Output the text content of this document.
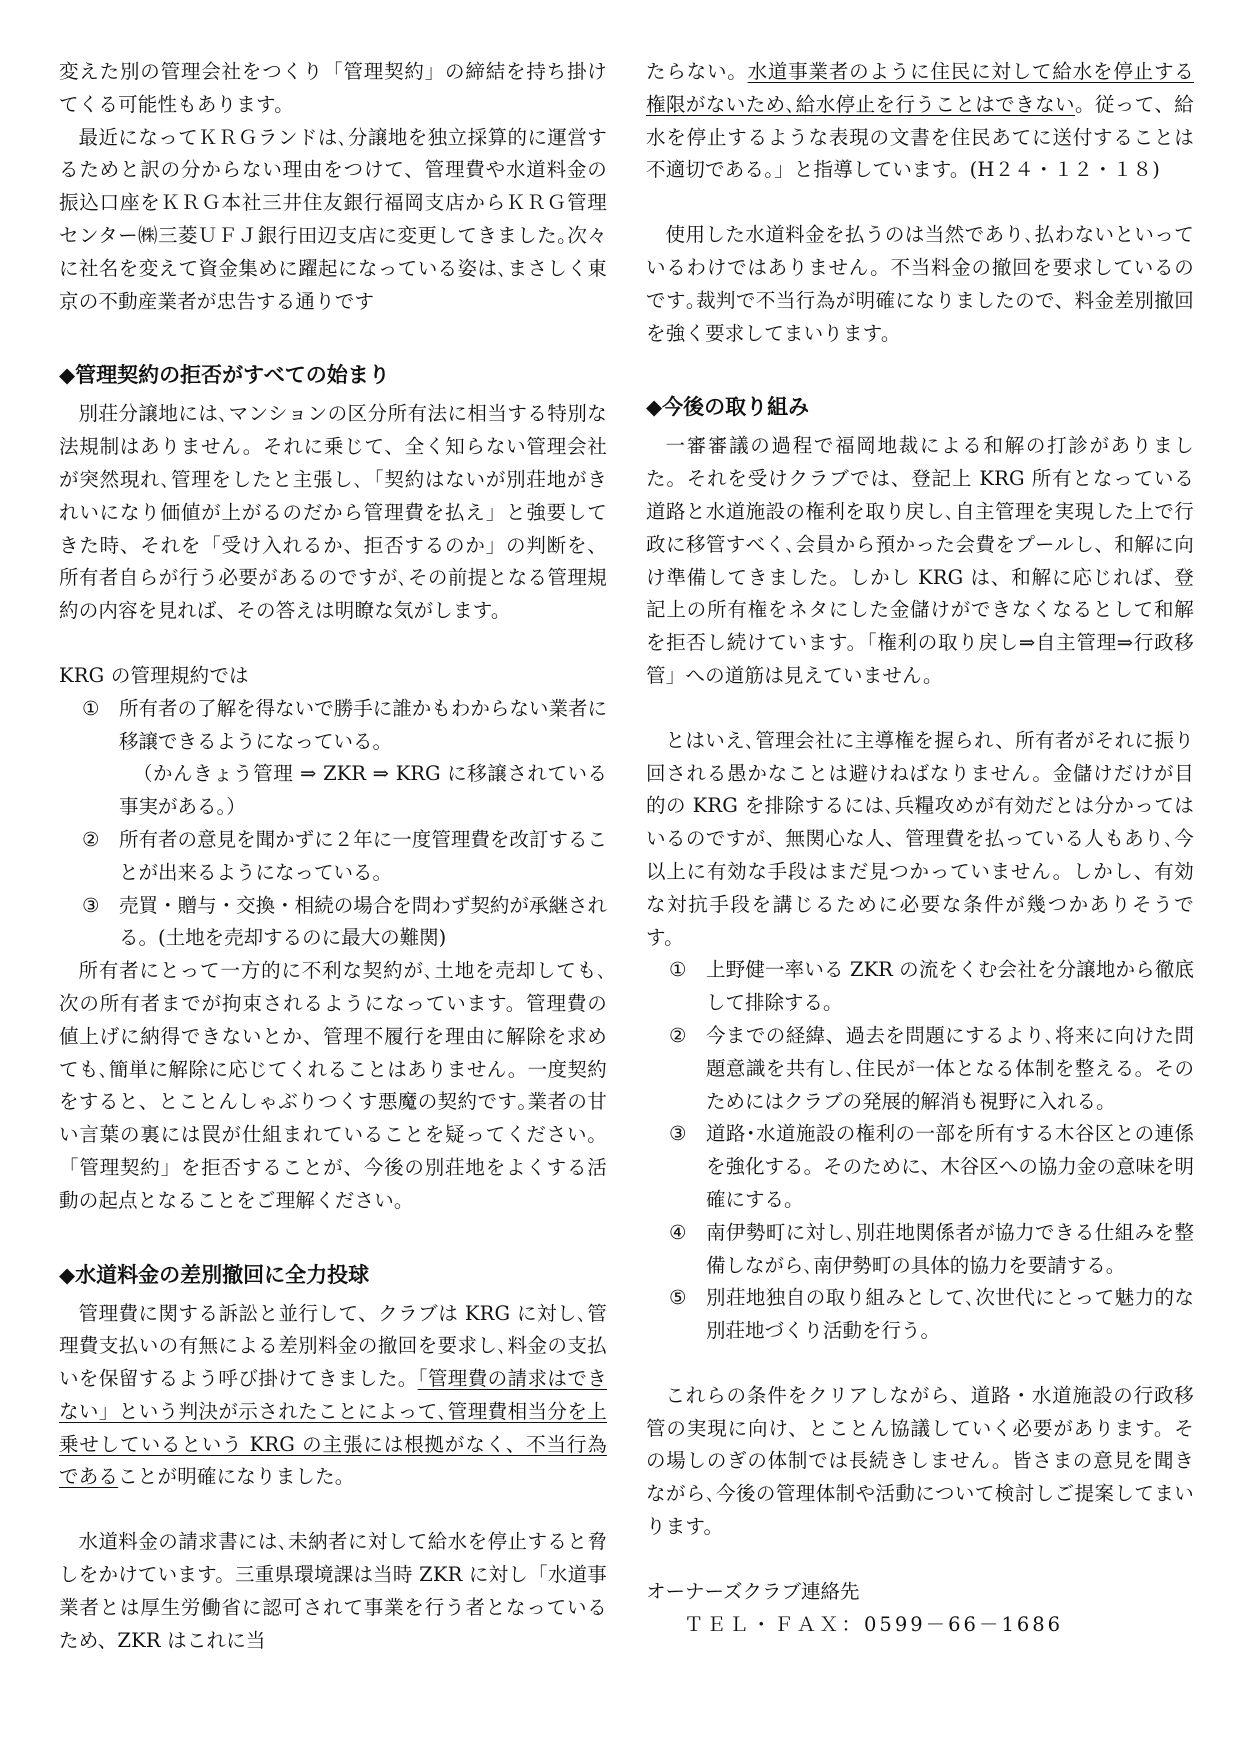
変えた別の管理会社をつくり「管理契約」の締結を持ち掛けてくる可能性もあります。

最近になってＫＲＧランドは､分譲地を独立採算的に運営するためと訳の分からない理由をつけて、管理費や水道料金の振込口座をＫＲＧ本社三井住友銀行福岡支店からＫＲＧ管理センター㈱三菱ＵＦＪ銀行田辺支店に変更してきました｡次々に社名を変えて資金集めに躍起になっている姿は､まさしく東京の不動産業者が忠告する通りです

◆管理契約の拒否がすべての始まり

別荘分譲地には､マンションの区分所有法に相当する特別な法規制はありません。それに乗じて、全く知らない管理会社が突然現れ､管理をしたと主張し､「契約はないが別荘地がきれいになり価値が上がるのだから管理費を払え」と強要してきた時、それを「受け入れるか、拒否するのか」の判断を、所有者自らが行う必要があるのですが､その前提となる管理規約の内容を見れば、その答えは明瞭な気がします。

KRG の管理規約では

① 所有者の了解を得ないで勝手に誰かもわからない業者に移譲できるようになっている。
（かんきょう管理 ⇒ ZKR ⇒ KRG に移譲されている事実がある。）
② 所有者の意見を聞かずに２年に一度管理費を改訂することが出来るようになっている。
③ 売買・贈与・交換・相続の場合を問わず契約が承継される。(土地を売却するのに最大の難関)

所有者にとって一方的に不利な契約が､土地を売却しても､次の所有者までが拘束されるようになっています。管理費の値上げに納得できないとか、管理不履行を理由に解除を求めても､簡単に解除に応じてくれることはありません。一度契約をすると、とことんしゃぶりつくす悪魔の契約です｡業者の甘い言葉の裏には罠が仕組まれていることを疑ってください。「管理契約」を拒否することが、今後の別荘地をよくする活動の起点となることをご理解ください。

◆水道料金の差別撤回に全力投球

管理費に関する訴訟と並行して、クラブは KRG に対し､管理費支払いの有無による差別料金の撤回を要求し､料金の支払いを保留するよう呼び掛けてきました。「管理費の請求はできない」という判決が示されたことによって､管理費相当分を上乗せしているという KRG の主張には根拠がなく、不当行為であることが明確になりました。

水道料金の請求書には､未納者に対して給水を停止すると脅しをかけています。三重県環境課は当時 ZKR に対し「水道事業者とは厚生労働省に認可されて事業を行う者となっているため、ZKR はこれに当

たらない。水道事業者のように住民に対して給水を停止する権限がないため､給水停止を行うことはできない。従って、給水を停止するような表現の文書を住民あてに送付することは不適切である。」と指導しています。(H２４・１２・１８)

使用した水道料金を払うのは当然であり､払わないといっているわけではありません。不当料金の撤回を要求しているのです｡裁判で不当行為が明確になりましたので、料金差別撤回を強く要求してまいります。

◆今後の取り組み

一審審議の過程で福岡地裁による和解の打診がありました。それを受けクラブでは、登記上 KRG 所有となっている道路と水道施設の権利を取り戻し､自主管理を実現した上で行政に移管すべく､会員から預かった会費をプールし、和解に向け準備してきました。しかし KRG は、和解に応じれば、登記上の所有権をネタにした金儲けができなくなるとして和解を拒否し続けています。「権利の取り戻し⇒自主管理⇒行政移管」への道筋は見えていません。

とはいえ､管理会社に主導権を握られ、所有者がそれに振り回される愚かなことは避けねばなりません。金儲けだけが目的の KRG を排除するには､兵糧攻めが有効だとは分かってはいるのですが、無関心な人、管理費を払っている人もあり､今以上に有効な手段はまだ見つかっていません。しかし、有効な対抗手段を講じるために必要な条件が幾つかありそうです。

① 上野健一率いる ZKR の流をくむ会社を分譲地から徹底して排除する。
② 今までの経緯、過去を問題にするより､将来に向けた問題意識を共有し､住民が一体となる体制を整える。そのためにはクラブの発展的解消も視野に入れる。
③ 道路･水道施設の権利の一部を所有する木谷区との連係を強化する。そのために、木谷区への協力金の意味を明確にする。
④ 南伊勢町に対し､別荘地関係者が協力できる仕組みを整備しながら､南伊勢町の具体的協力を要請する。
⑤ 別荘地独自の取り組みとして､次世代にとって魅力的な別荘地づくり活動を行う。

これらの条件をクリアしながら、道路・水道施設の行政移管の実現に向け、とことん協議していく必要があります。その場しのぎの体制では長続きしません。皆さまの意見を聞きながら､今後の管理体制や活動について検討しご提案してまいります。

オーナーズクラブ連絡先

ＴＥＬ・ＦＡＸ：0599－66－1686
